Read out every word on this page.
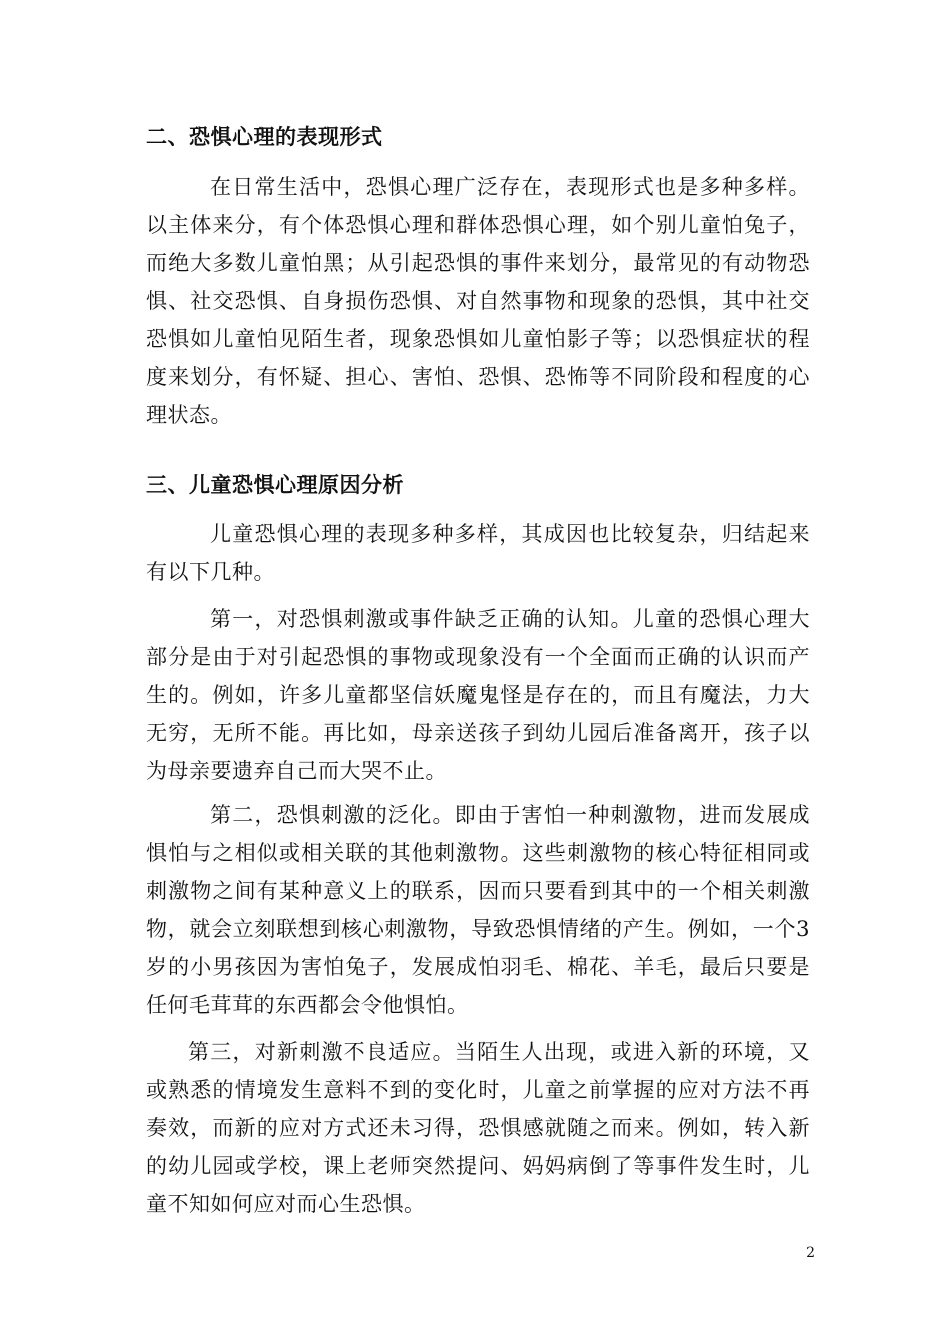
二、恐惧心理的表现形式

在日常生活中，恐惧心理广泛存在，表现形式也是多种多样。以主体来分，有个体恐惧心理和群体恐惧心理，如个别儿童怕兔子，而绝大多数儿童怕黑；从引起恐惧的事件来划分，最常见的有动物恐惧、社交恐惧、自身损伤恐惧、对自然事物和现象的恐惧，其中社交恐惧如儿童怕见陌生者，现象恐惧如儿童怕影子等；以恐惧症状的程度来划分，有怀疑、担心、害怕、恐惧、恐怖等不同阶段和程度的心理状态。

三、儿童恐惧心理原因分析

儿童恐惧心理的表现多种多样，其成因也比较复杂，归结起来有以下几种。

第一，对恐惧刺激或事件缺乏正确的认知。儿童的恐惧心理大部分是由于对引起恐惧的事物或现象没有一个全面而正确的认识而产生的。例如，许多儿童都坚信妖魔鬼怪是存在的，而且有魔法，力大无穷，无所不能。再比如，母亲送孩子到幼儿园后准备离开，孩子以为母亲要遗弃自己而大哭不止。

第二，恐惧刺激的泛化。即由于害怕一种刺激物，进而发展成惧怕与之相似或相关联的其他刺激物。这些刺激物的核心特征相同或刺激物之间有某种意义上的联系，因而只要看到其中的一个相关刺激物，就会立刻联想到核心刺激物，导致恐惧情绪的产生。例如，一个3岁的小男孩因为害怕兔子，发展成怕羽毛、棉花、羊毛，最后只要是任何毛茸茸的东西都会令他惧怕。

第三，对新刺激不良适应。当陌生人出现，或进入新的环境，又或熟悉的情境发生意料不到的变化时，儿童之前掌握的应对方法不再奏效，而新的应对方式还未习得，恐惧感就随之而来。例如，转入新的幼儿园或学校，课上老师突然提问、妈妈病倒了等事件发生时，儿童不知如何应对而心生恐惧。

2
